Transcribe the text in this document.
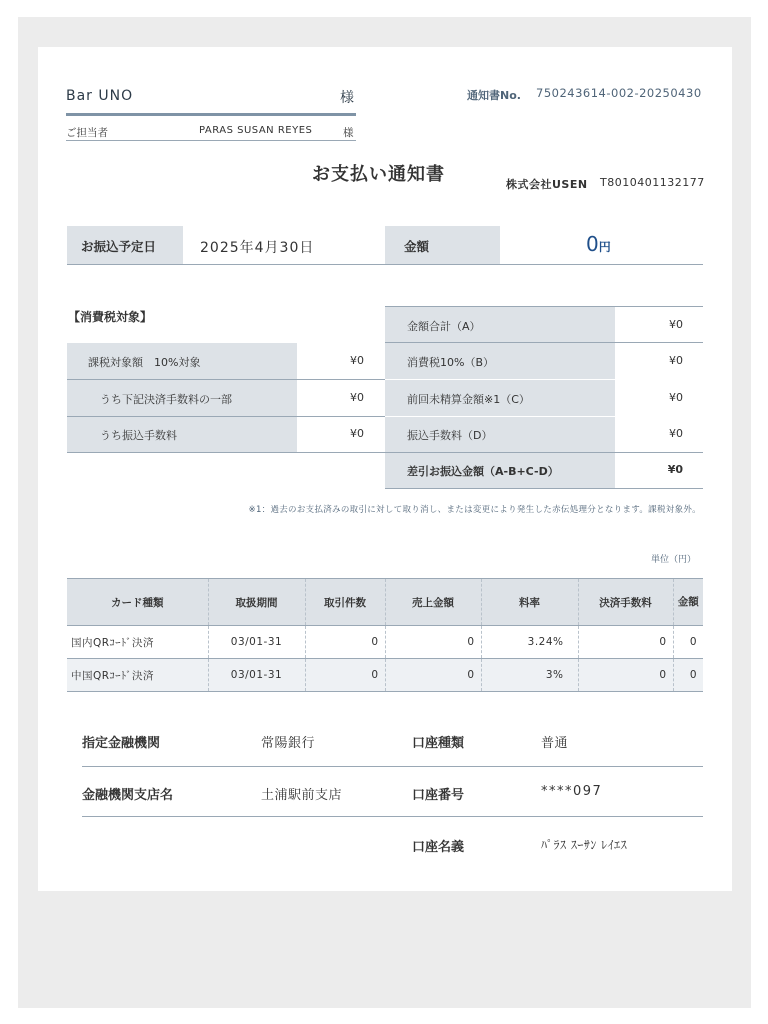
Bar UNO	様	通知書No. 750243614-002-20250430
ご担当者	PARAS SUSAN REYES	様
お支払い通知書	株式会社USEN T8010401132177
お振込予定日	2025年4月30日	金額	0円
【消費税対象】
課税対象額　10%対象	¥0
うち下記決済手数料の一部	¥0
うち振込手数料	¥0
金額合計（A）	¥0
消費税10%（B）	¥0
前回未精算金額※1（C）	¥0
振込手数料（D）	¥0
差引お振込金額（A-B+C-D）	¥0
※1：過去のお支払済みの取引に対して取り消し、または変更により発生した赤伝処理分となります。課税対象外。
単位（円）
カード種類	取扱期間	取引件数	売上金額	料率	決済手数料	金額
国内QRｺｰﾄﾞ決済	03/01-31	0	0	3.24%	0	0
中国QRｺｰﾄﾞ決済	03/01-31	0	0	3%	0	0
指定金融機関	常陽銀行	口座種類	普通
金融機関支店名	土浦駅前支店	口座番号	****097
口座名義	ﾊﾟﾗｽ ｽｰｻﾝ ﾚｲｴｽ
